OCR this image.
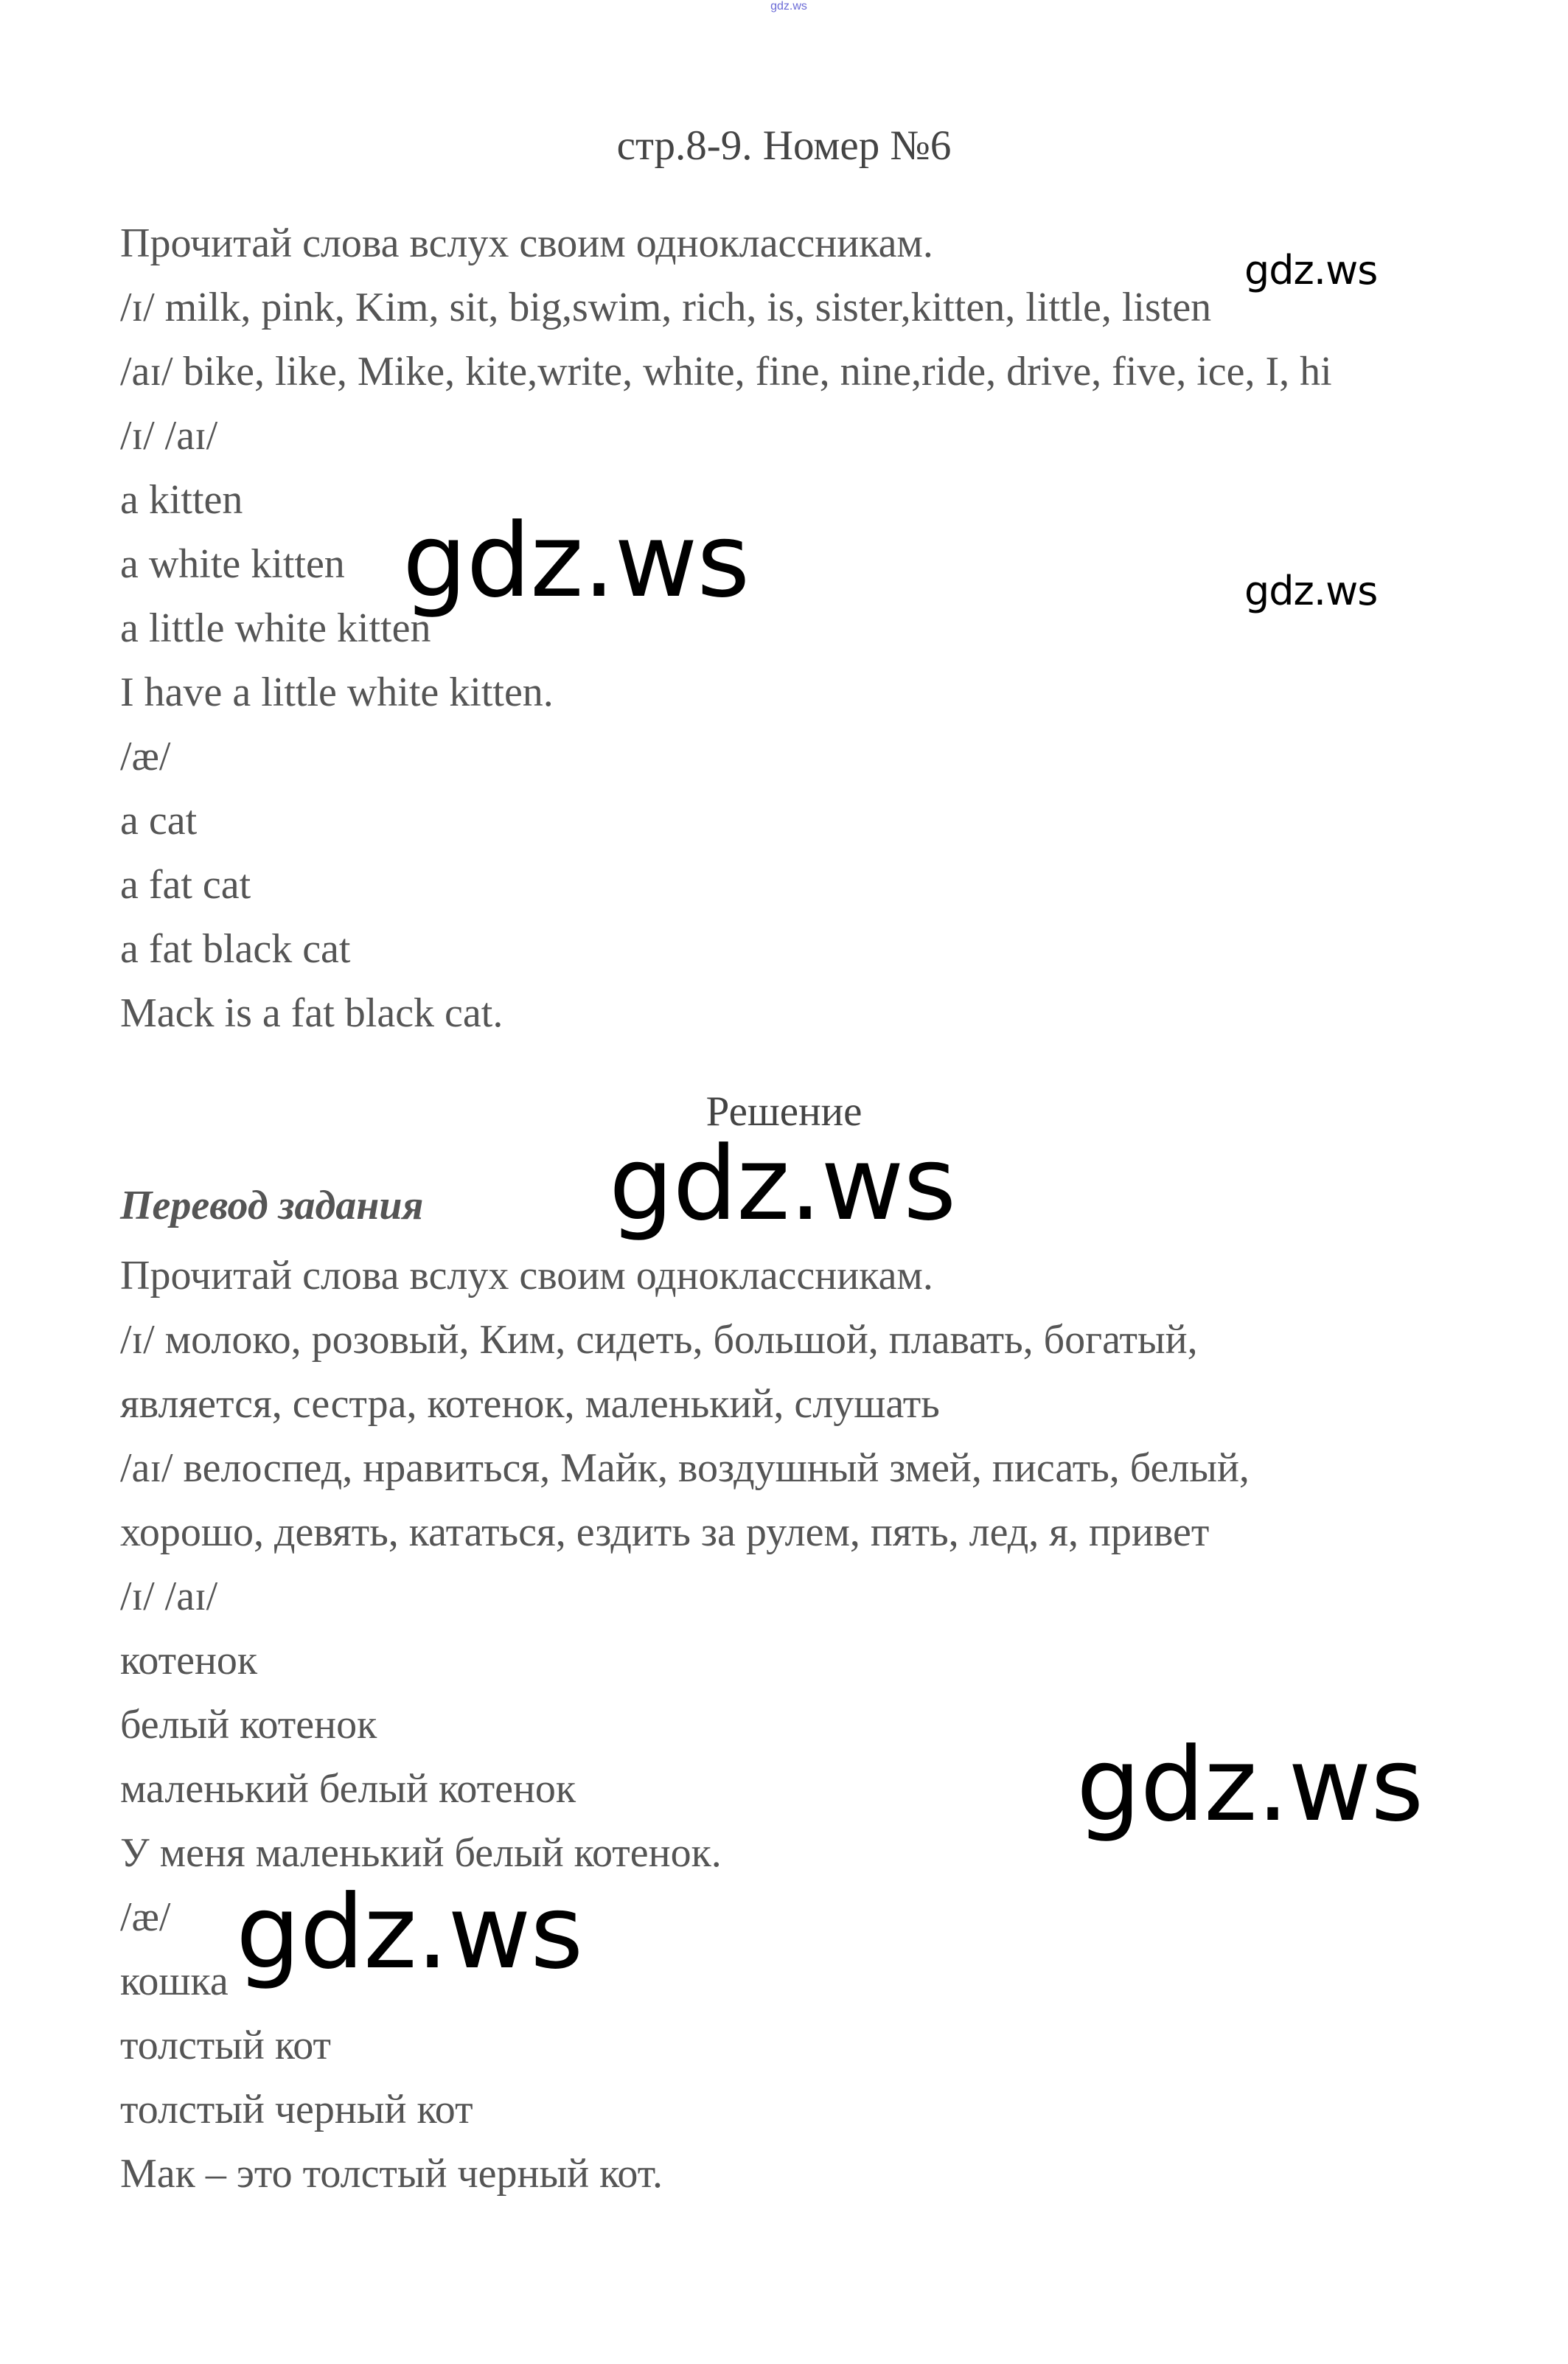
gdz.ws
стр.8-9. Номер №6
Прочитай слова вслух своим одноклассникам.
/ɪ/ milk, pink, Kim, sit, big,swim, rich, is, sister,kitten, little, listen
/aɪ/ bike, like, Mike, kite,write, white, fine, nine,ride, drive, five, ice, I, hi
/ɪ/ /aɪ/
a kitten
a white kitten
a little white kitten
I have a little white kitten.
/æ/
a cat
a fat cat
a fat black cat
Mack is a fat black cat.
Решение
Перевод задания
Прочитай слова вслух своим одноклассникам.
/ɪ/ молоко, розовый, Ким, сидеть, большой, плавать, богатый,
является, сестра, котенок, маленький, слушать
/aɪ/ велоспед, нравиться, Майк, воздушный змей, писать, белый,
хорошо, девять, кататься, ездить за рулем, пять, лед, я, привет
/ɪ/ /aɪ/
котенок
белый котенок
маленький белый котенок
У меня маленький белый котенок.
/æ/
кошка
толстый кот
толстый черный кот
Мак – это толстый черный кот.
gdz.ws
gdz.ws	gdz.ws
gdz.ws
gdz.ws
gdz.ws
